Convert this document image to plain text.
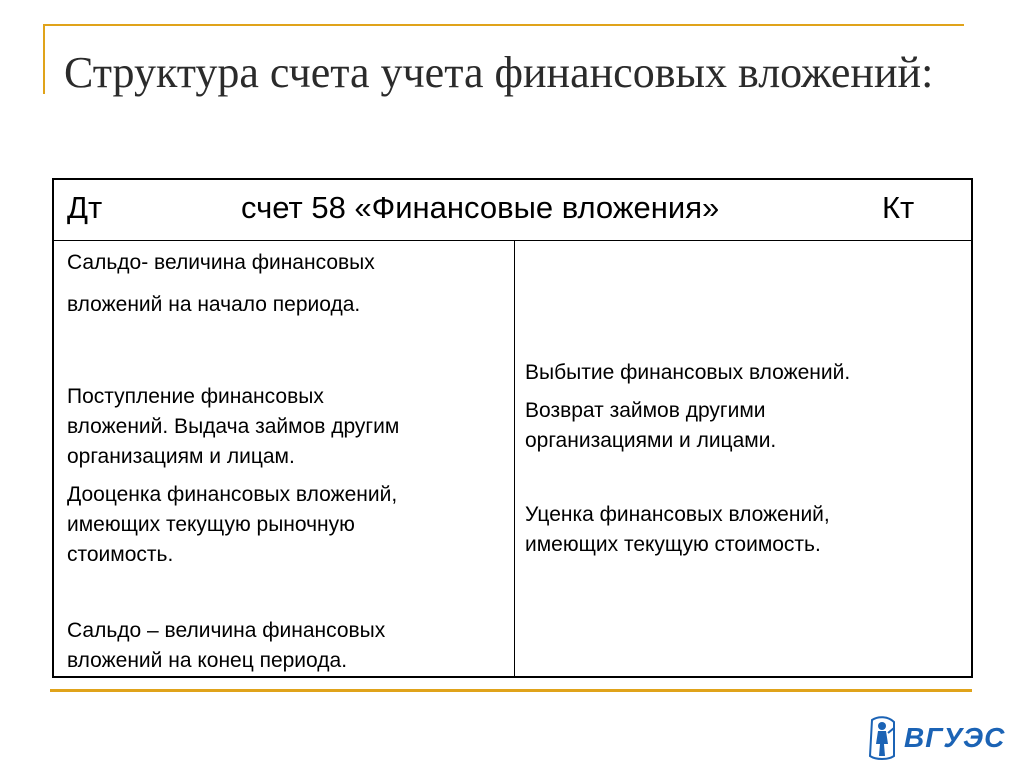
Структура счета учета финансовых вложений:
Дт	счет 58 «Финансовые вложения»	Кт

Сальдо- величина финансовых

вложений на начало периода.

Поступление финансовых

вложений. Выдача займов другим

организациям и лицам.

Дооценка финансовых вложений,

имеющих текущую рыночную

стоимость.

Сальдо – величина финансовых

вложений на конец периода.

Выбытие финансовых вложений.

Возврат займов другими

организациями и лицами.

Уценка финансовых вложений,

имеющих текущую стоимость.

ВГУЭС
